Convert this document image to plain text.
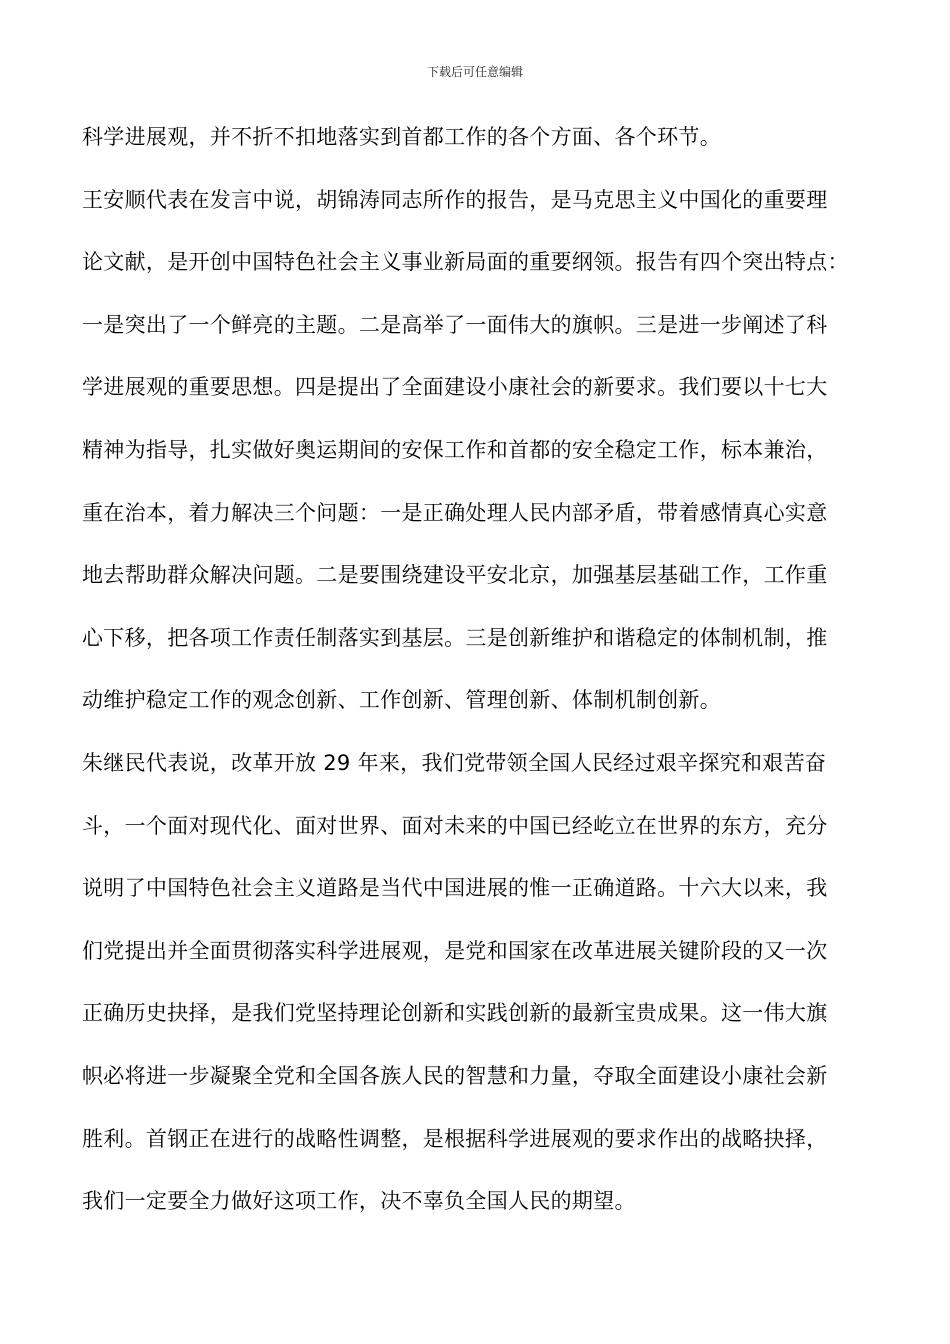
下载后可任意编辑
科学进展观，并不折不扣地落实到首都工作的各个方面、各个环节。
王安顺代表在发言中说，胡锦涛同志所作的报告，是马克思主义中国化的重要理
论文献，是开创中国特色社会主义事业新局面的重要纲领。报告有四个突出特点：
一是突出了一个鲜亮的主题。二是高举了一面伟大的旗帜。三是进一步阐述了科
学进展观的重要思想。四是提出了全面建设小康社会的新要求。我们要以十七大
精神为指导，扎实做好奥运期间的安保工作和首都的安全稳定工作，标本兼治，
重在治本，着力解决三个问题：一是正确处理人民内部矛盾，带着感情真心实意
地去帮助群众解决问题。二是要围绕建设平安北京，加强基层基础工作，工作重
心下移，把各项工作责任制落实到基层。三是创新维护和谐稳定的体制机制，推
动维护稳定工作的观念创新、工作创新、管理创新、体制机制创新。
朱继民代表说，改革开放 29 年来，我们党带领全国人民经过艰辛探究和艰苦奋
斗，一个面对现代化、面对世界、面对未来的中国已经屹立在世界的东方，充分
说明了中国特色社会主义道路是当代中国进展的惟一正确道路。十六大以来，我
们党提出并全面贯彻落实科学进展观，是党和国家在改革进展关键阶段的又一次
正确历史抉择，是我们党坚持理论创新和实践创新的最新宝贵成果。这一伟大旗
帜必将进一步凝聚全党和全国各族人民的智慧和力量，夺取全面建设小康社会新
胜利。首钢正在进行的战略性调整，是根据科学进展观的要求作出的战略抉择，
我们一定要全力做好这项工作，决不辜负全国人民的期望。
